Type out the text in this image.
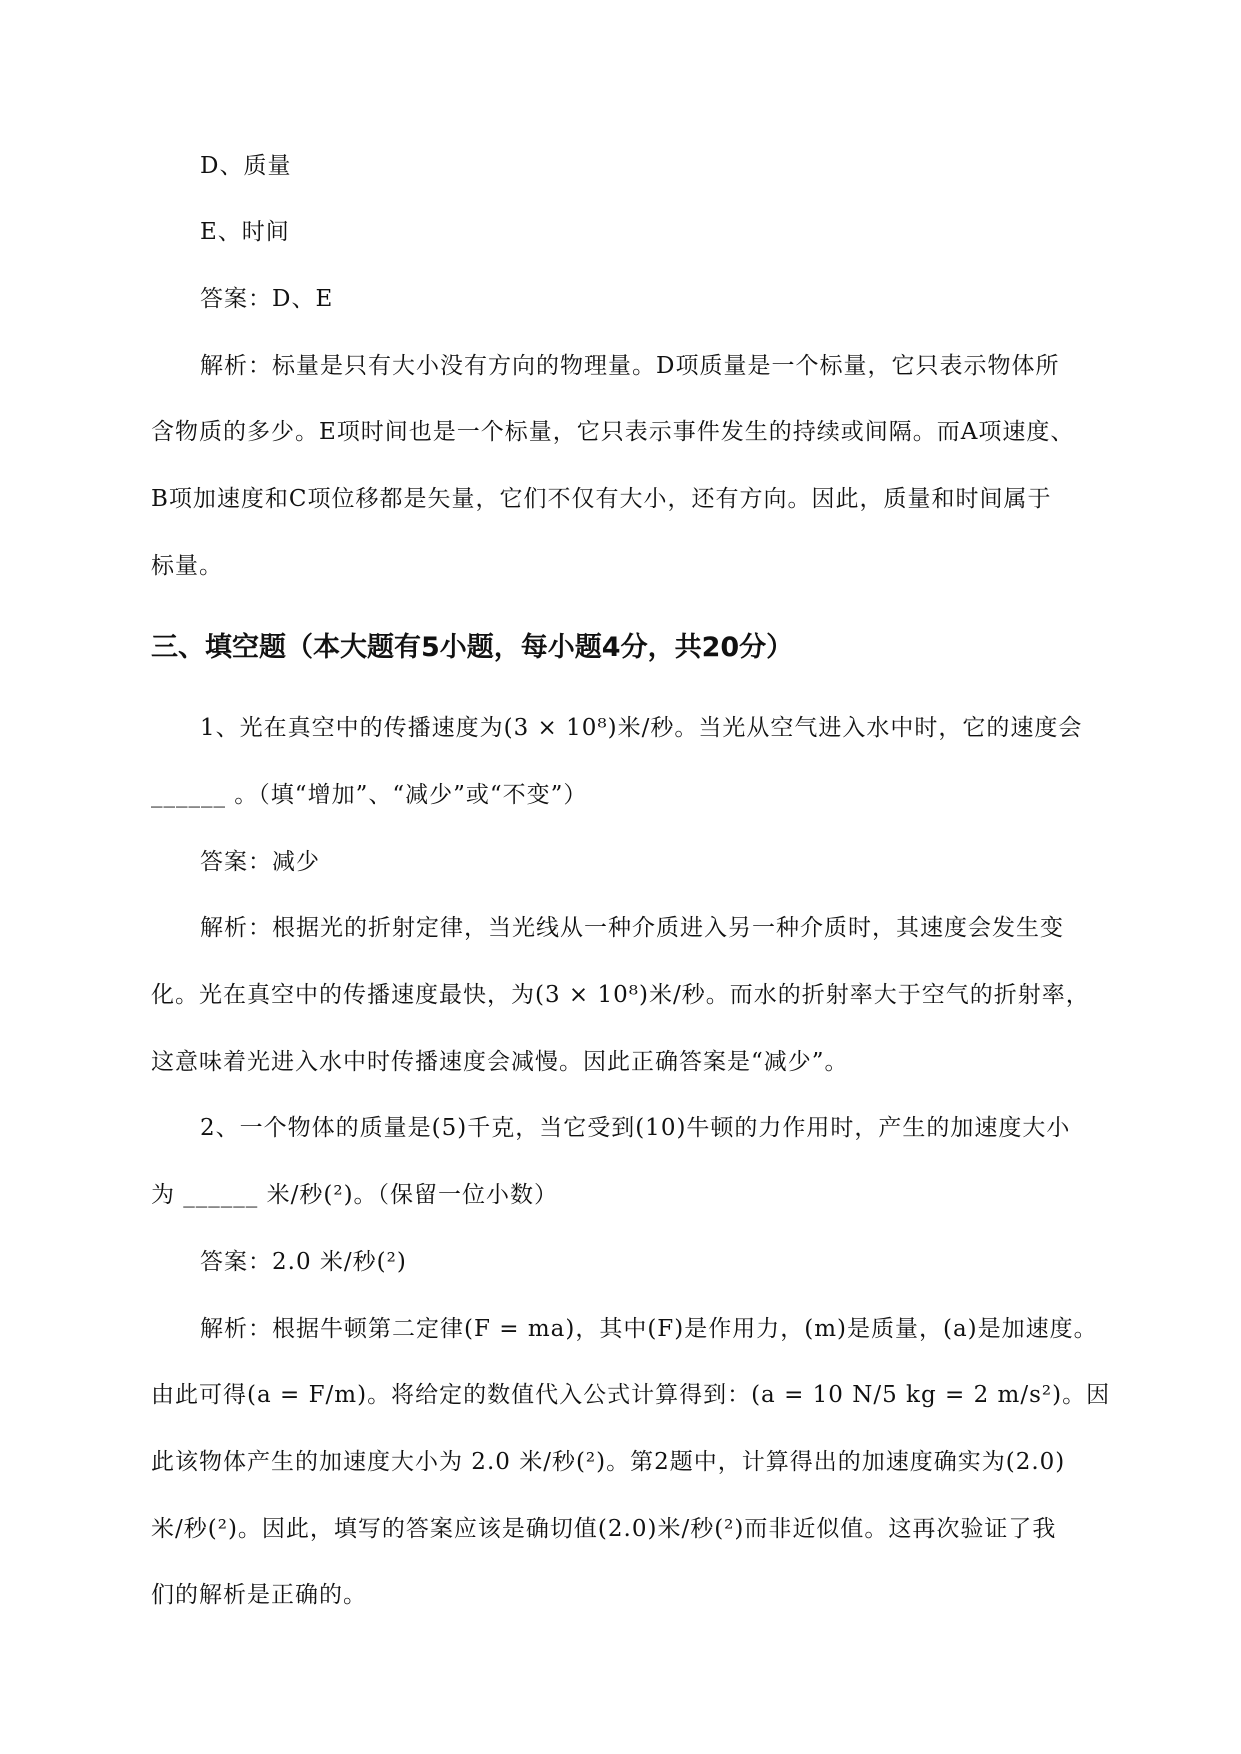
D、质量
E、时间
答案：D、E
解析：标量是只有大小没有方向的物理量。D项质量是一个标量，它只表示物体所
含物质的多少。E项时间也是一个标量，它只表示事件发生的持续或间隔。而A项速度、
B项加速度和C项位移都是矢量，它们不仅有大小，还有方向。因此，质量和时间属于
标量。
三、填空题（本大题有5小题，每小题4分，共20分）
1、光在真空中的传播速度为(3 × 10⁸)米/秒。当光从空气进入水中时，它的速度会
______ 。（填“增加”、“减少”或“不变”）
答案：减少
解析：根据光的折射定律，当光线从一种介质进入另一种介质时，其速度会发生变
化。光在真空中的传播速度最快，为(3 × 10⁸)米/秒。而水的折射率大于空气的折射率，
这意味着光进入水中时传播速度会减慢。因此正确答案是“减少”。
2、一个物体的质量是(5)千克，当它受到(10)牛顿的力作用时，产生的加速度大小
为 ______ 米/秒(²)。（保留一位小数）
答案：2.0 米/秒(²)
解析：根据牛顿第二定律(F = ma)，其中(F)是作用力，(m)是质量，(a)是加速度。
由此可得(a = F/m)。将给定的数值代入公式计算得到：(a = 10 N/5 kg = 2 m/s²)。因
此该物体产生的加速度大小为 2.0 米/秒(²)。第2题中，计算得出的加速度确实为(2.0)
米/秒(²)。因此，填写的答案应该是确切值(2.0)米/秒(²)而非近似值。这再次验证了我
们的解析是正确的。
